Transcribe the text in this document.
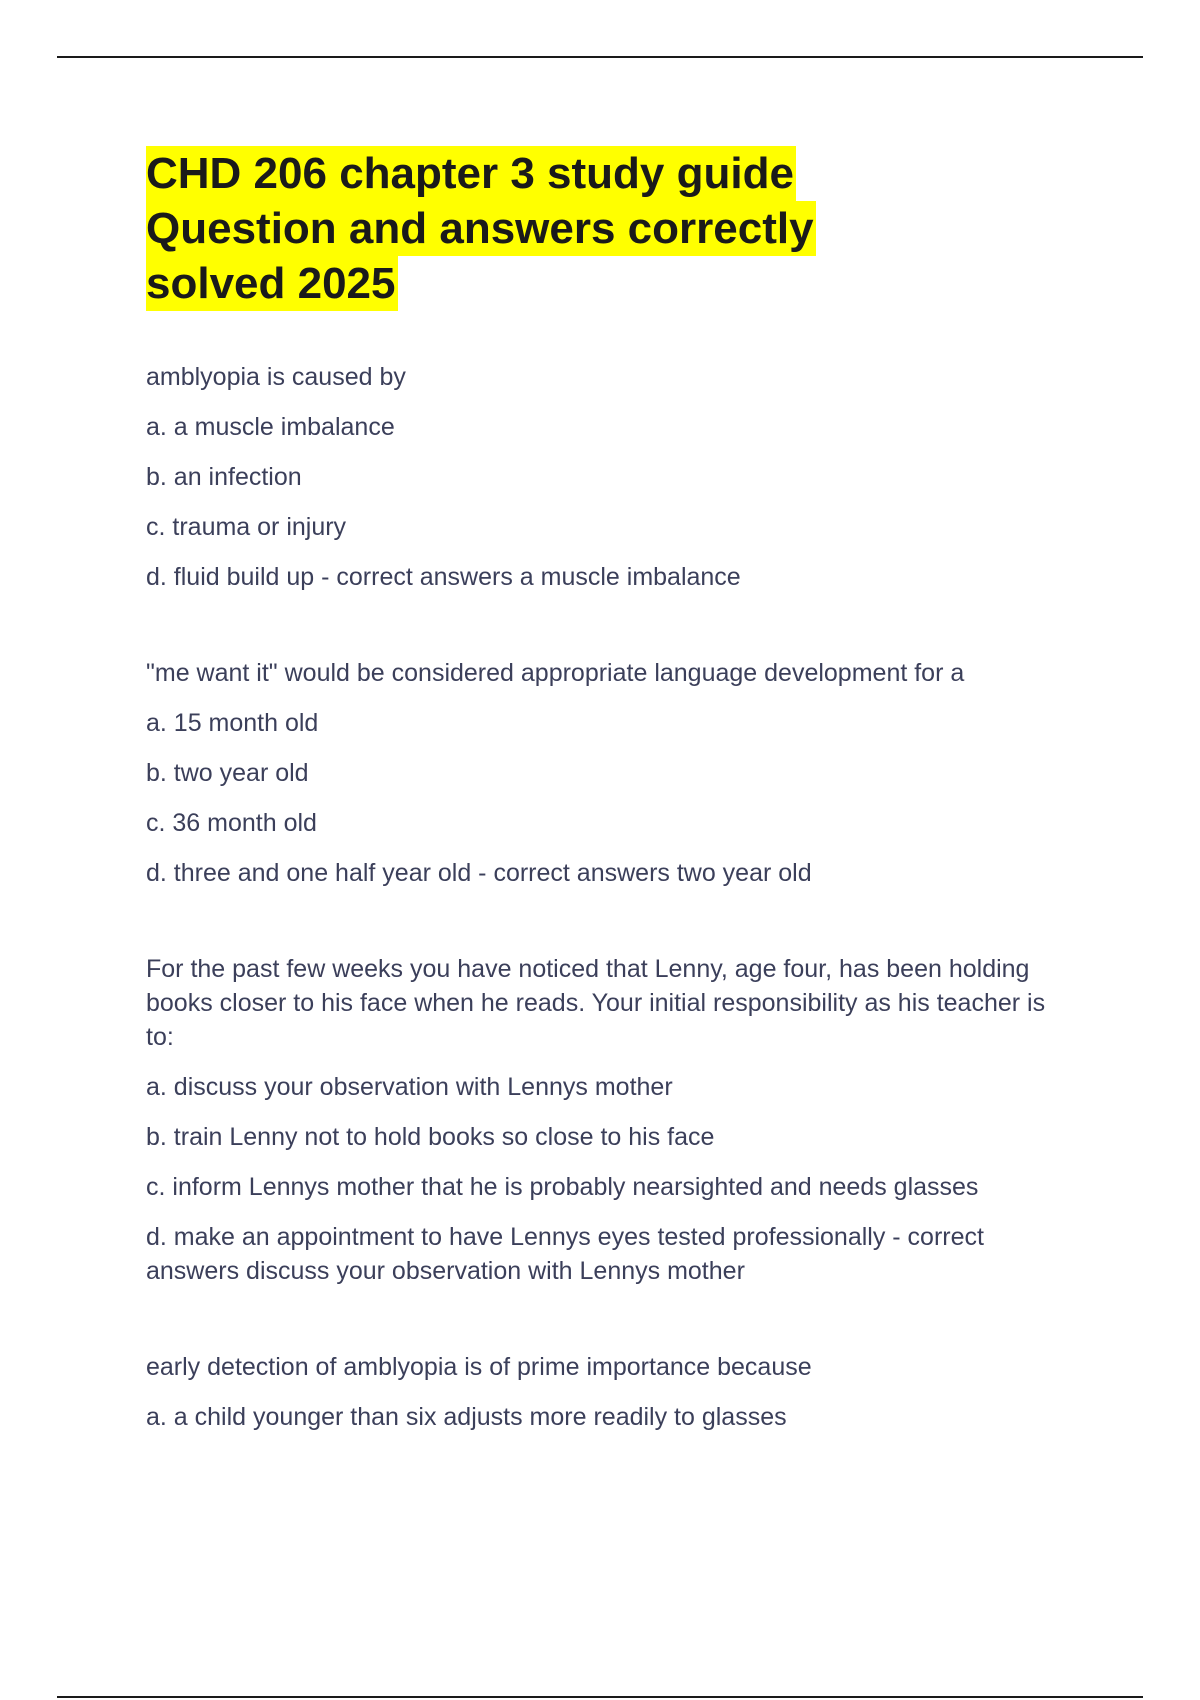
CHD 206 chapter 3 study guide
Question and answers correctly
solved 2025

amblyopia is caused by

a. a muscle imbalance

b. an infection

c. trauma or injury

d. fluid build up - correct answers a muscle imbalance

"me want it" would be considered appropriate language development for a

a. 15 month old

b. two year old

c. 36 month old

d. three and one half year old - correct answers two year old

For the past few weeks you have noticed that Lenny, age four, has been holding books closer to his face when he reads. Your initial responsibility as his teacher is to:

a. discuss your observation with Lennys mother

b. train Lenny not to hold books so close to his face

c. inform Lennys mother that he is probably nearsighted and needs glasses

d. make an appointment to have Lennys eyes tested professionally - correct answers discuss your observation with Lennys mother

early detection of amblyopia is of prime importance because

a. a child younger than six adjusts more readily to glasses
